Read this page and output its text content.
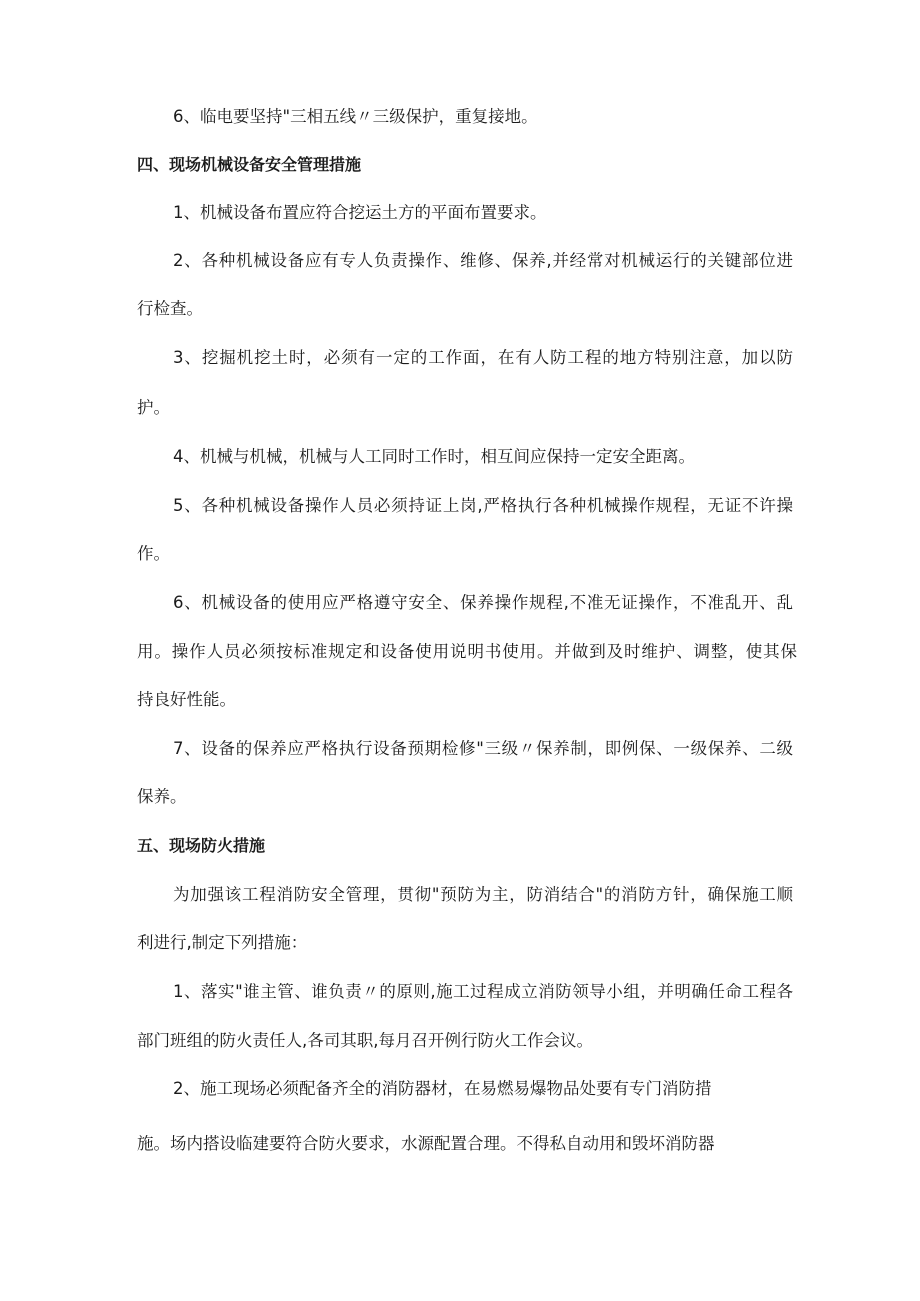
6、临电要坚持"三相五线〃三级保护，重复接地。
四、现场机械设备安全管理措施
1、机械设备布置应符合挖运土方的平面布置要求。
2、各种机械设备应有专人负责操作、维修、保养,并经常对机械运行的关键部位进
行检查。
3、挖掘机挖土时，必须有一定的工作面，在有人防工程的地方特别注意，加以防
护。
4、机械与机械，机械与人工同时工作时，相互间应保持一定安全距离。
5、各种机械设备操作人员必须持证上岗,严格执行各种机械操作规程，无证不许操
作。
6、机械设备的使用应严格遵守安全、保养操作规程,不准无证操作，不准乱开、乱
用。操作人员必须按标准规定和设备使用说明书使用。并做到及时维护、调整，使其保
持良好性能。
7、设备的保养应严格执行设备预期检修"三级〃保养制，即例保、一级保养、二级
保养。
五、现场防火措施
为加强该工程消防安全管理，贯彻"预防为主，防消结合"的消防方针，确保施工顺
利进行,制定下列措施：
1、落实"谁主管、谁负责〃的原则,施工过程成立消防领导小组，并明确任命工程各
部门班组的防火责任人,各司其职,每月召开例行防火工作会议。
2、施工现场必须配备齐全的消防器材，在易燃易爆物品处要有专门消防措
施。场内搭设临建要符合防火要求，水源配置合理。不得私自动用和毁坏消防器
